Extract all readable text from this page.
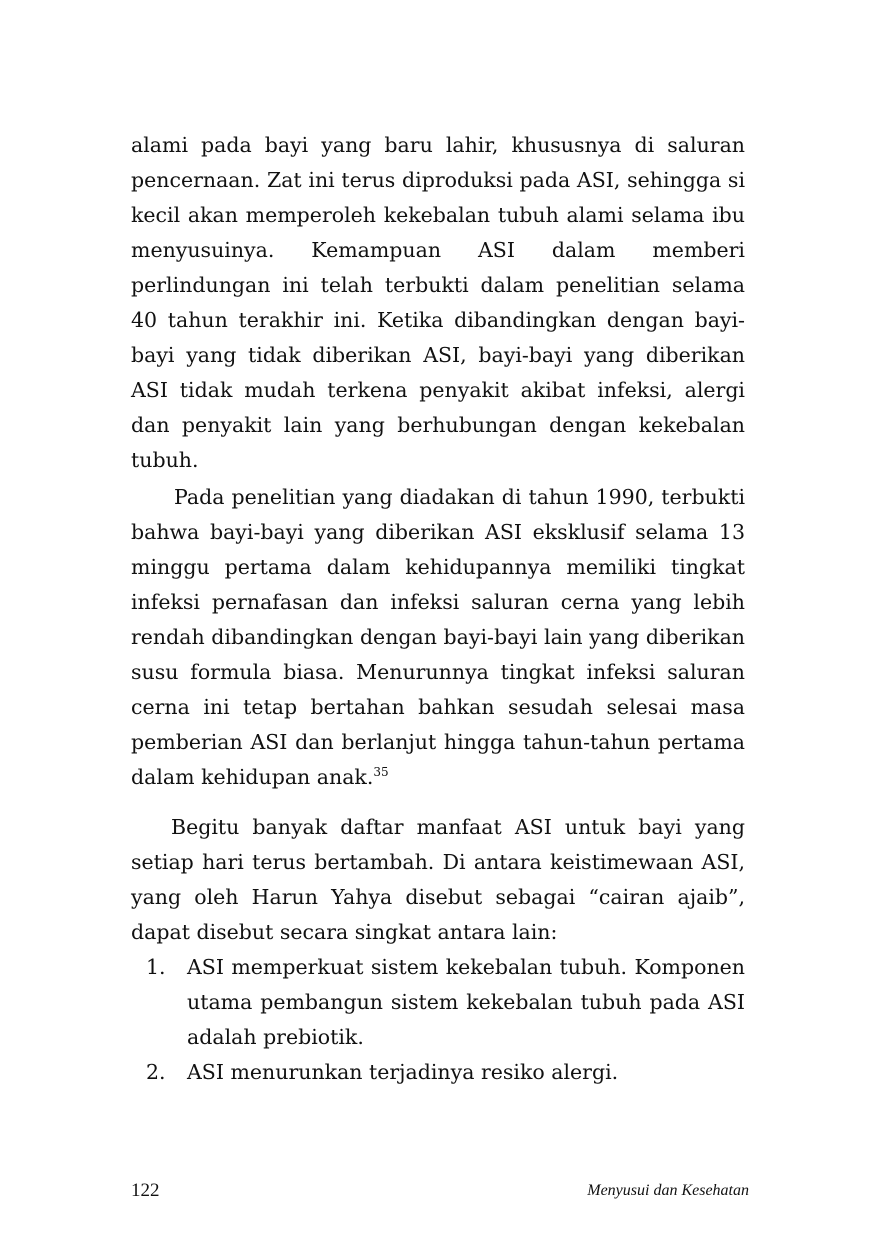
alami pada bayi yang baru lahir, khususnya di saluran pencernaan. Zat ini terus diproduksi pada ASI, sehingga si kecil akan memperoleh kekebalan tubuh alami selama ibu menyusuinya. Kemampuan ASI dalam memberi perlindungan ini telah terbukti dalam penelitian selama 40 tahun terakhir ini. Ketika dibandingkan dengan bayi-bayi yang tidak diberikan ASI, bayi-bayi yang diberikan ASI tidak mudah terkena penyakit akibat infeksi, alergi dan penyakit lain yang berhubungan dengan kekebalan tubuh.

Pada penelitian yang diadakan di tahun 1990, terbukti bahwa bayi-bayi yang diberikan ASI eksklusif selama 13 minggu pertama dalam kehidupannya memiliki tingkat infeksi pernafasan dan infeksi saluran cerna yang lebih rendah dibandingkan dengan bayi-bayi lain yang diberikan susu formula biasa. Menurunnya tingkat infeksi saluran cerna ini tetap bertahan bahkan sesudah selesai masa pemberian ASI dan berlanjut hingga tahun-tahun pertama dalam kehidupan anak.$^{35}$

Begitu banyak daftar manfaat ASI untuk bayi yang setiap hari terus bertambah. Di antara keistimewaan ASI, yang oleh Harun Yahya disebut sebagai “cairan ajaib”, dapat disebut secara singkat antara lain:

1. ASI memperkuat sistem kekebalan tubuh. Komponen utama pembangun sistem kekebalan tubuh pada ASI adalah prebiotik.
2. ASI menurunkan terjadinya resiko alergi.
122	Menyusui dan Kesehatan
